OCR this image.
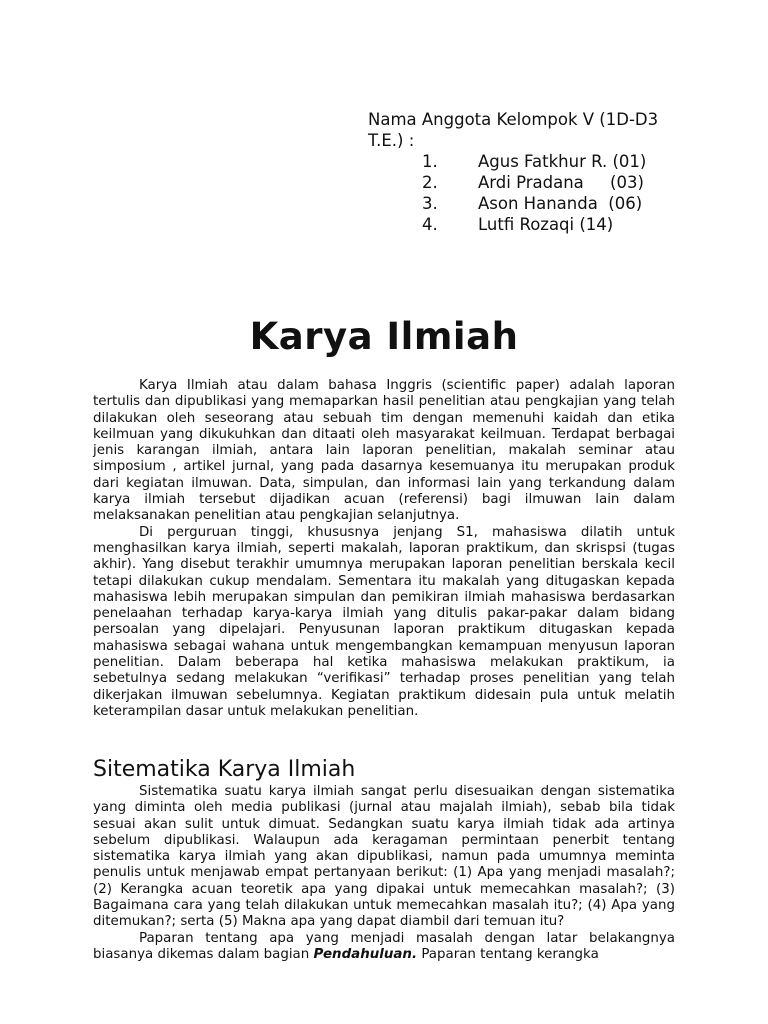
Nama Anggota Kelompok V (1D-D3 T.E.) :

1.	Agus Fatkhur R. (01)
2.	Ardi Pradana     (03)
3.	Ason Hananda  (06)
4.	Lutfi Rozaqi (14)
Karya Ilmiah

Karya Ilmiah atau dalam bahasa Inggris (scientific paper) adalah laporan tertulis dan dipublikasi yang memaparkan hasil penelitian atau pengkajian yang telah dilakukan oleh seseorang atau sebuah tim dengan memenuhi kaidah dan etika keilmuan yang dikukuhkan dan ditaati oleh masyarakat keilmuan. Terdapat berbagai jenis karangan ilmiah, antara lain laporan penelitian, makalah seminar atau simposium , artikel jurnal, yang pada dasarnya kesemuanya itu merupakan produk dari kegiatan ilmuwan. Data, simpulan, dan informasi lain yang terkandung dalam karya ilmiah tersebut dijadikan acuan (referensi) bagi ilmuwan lain dalam melaksanakan penelitian atau pengkajian selanjutnya.

Di perguruan tinggi, khususnya jenjang S1, mahasiswa dilatih untuk menghasilkan karya ilmiah, seperti makalah, laporan praktikum, dan skrispsi (tugas akhir). Yang disebut terakhir umumnya merupakan laporan penelitian berskala kecil tetapi dilakukan cukup mendalam. Sementara itu makalah yang ditugaskan kepada mahasiswa lebih merupakan simpulan dan pemikiran ilmiah mahasiswa berdasarkan penelaahan terhadap karya-karya ilmiah yang ditulis pakar-pakar dalam bidang persoalan yang dipelajari. Penyusunan laporan praktikum ditugaskan kepada mahasiswa sebagai wahana untuk mengembangkan kemampuan menyusun laporan penelitian. Dalam beberapa hal ketika mahasiswa melakukan praktikum, ia sebetulnya sedang melakukan “verifikasi” terhadap proses penelitian yang telah dikerjakan ilmuwan sebelumnya. Kegiatan praktikum didesain pula untuk melatih keterampilan dasar untuk melakukan penelitian.

Sitematika Karya Ilmiah

Sistematika suatu karya ilmiah sangat perlu disesuaikan dengan sistematika yang diminta oleh media publikasi (jurnal atau majalah ilmiah), sebab bila tidak sesuai akan sulit untuk dimuat. Sedangkan suatu karya ilmiah tidak ada artinya sebelum dipublikasi. Walaupun ada keragaman permintaan penerbit tentang sistematika karya ilmiah yang akan dipublikasi, namun pada umumnya meminta penulis untuk menjawab empat pertanyaan berikut: (1) Apa yang menjadi masalah?; (2) Kerangka acuan teoretik apa yang dipakai untuk memecahkan masalah?; (3) Bagaimana cara yang telah dilakukan untuk memecahkan masalah itu?; (4) Apa yang ditemukan?; serta (5) Makna apa yang dapat diambil dari temuan itu?

Paparan tentang apa yang menjadi masalah dengan latar belakangnya biasanya dikemas dalam bagian Pendahuluan. Paparan tentang kerangka
